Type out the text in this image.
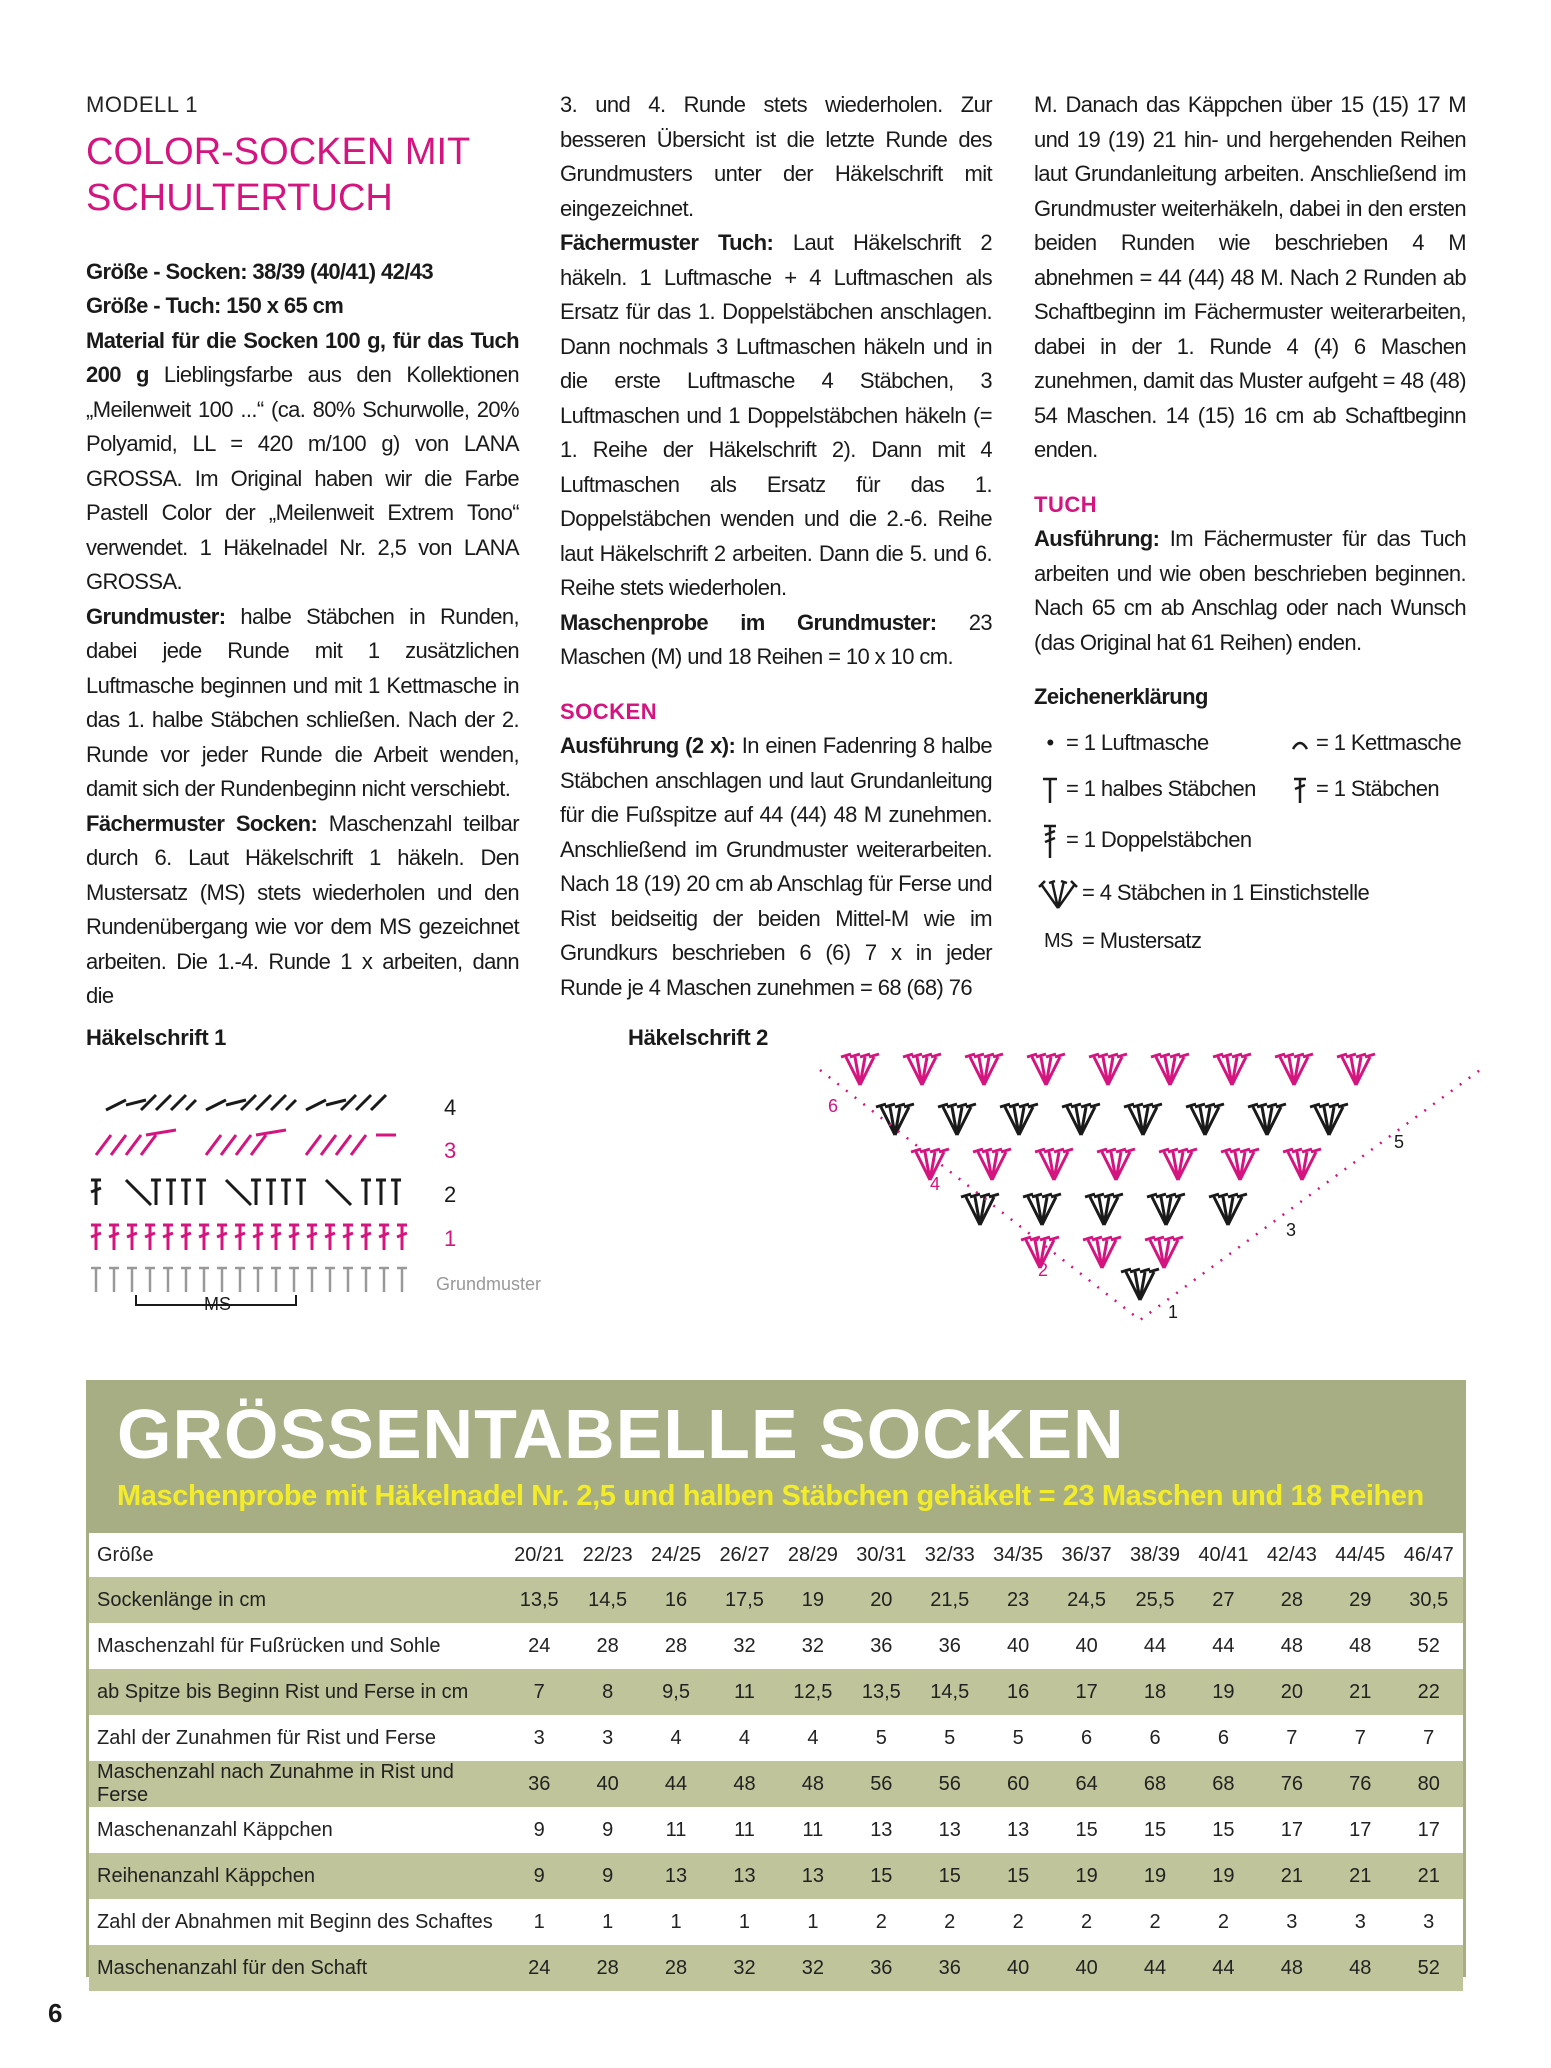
MODELL 1
COLOR-SOCKEN MIT
SCHULTERTUCH

Größe - Socken: 38/39 (40/41) 42/43

Größe - Tuch: 150 x 65 cm

Material für die Socken 100 g, für das Tuch 200 g Lieblingsfarbe aus den Kollektionen „Meilenweit 100 ...“ (ca. 80% Schurwolle, 20% Polyamid, LL = 420 m/100 g) von LANA GROSSA. Im Original haben wir die Farbe Pastell Color der „Meilenweit Extrem Tono“ verwendet. 1 Häkelnadel Nr. 2,5 von LANA GROSSA.

Grundmuster: halbe Stäbchen in Runden, dabei jede Runde mit 1 zusätzlichen Luftmasche beginnen und mit 1 Kettmasche in das 1. halbe Stäbchen schließen. Nach der 2. Runde vor jeder Runde die Arbeit wenden, damit sich der Rundenbeginn nicht verschiebt.

Fächermuster Socken: Maschenzahl teilbar durch 6. Laut Häkelschrift 1 häkeln. Den Mustersatz (MS) stets wiederholen und den Rundenübergang wie vor dem MS gezeichnet arbeiten. Die 1.-4. Runde 1 x arbeiten, dann die

3. und 4. Runde stets wiederholen. Zur besseren Übersicht ist die letzte Runde des Grundmusters unter der Häkelschrift mit eingezeichnet.

Fächermuster Tuch: Laut Häkelschrift 2 häkeln. 1 Luftmasche + 4 Luftmaschen als Ersatz für das 1. Doppelstäbchen anschlagen. Dann nochmals 3 Luftmaschen häkeln und in die erste Luftmasche 4 Stäbchen, 3 Luftmaschen und 1 Doppelstäbchen häkeln (= 1. Reihe der Häkelschrift 2). Dann mit 4 Luftmaschen als Ersatz für das 1. Doppelstäbchen wenden und die 2.-6. Reihe laut Häkelschrift 2 arbeiten. Dann die 5. und 6. Reihe stets wiederholen.

Maschenprobe im Grundmuster: 23 Maschen (M) und 18 Reihen = 10 x 10 cm.

SOCKEN

Ausführung (2 x): In einen Fadenring 8 halbe Stäbchen anschlagen und laut Grundanleitung für die Fußspitze auf 44 (44) 48 M zunehmen. Anschließend im Grundmuster weiterarbeiten. Nach 18 (19) 20 cm ab Anschlag für Ferse und Rist beidseitig der beiden Mittel-M wie im Grundkurs beschrieben 6 (6) 7 x in jeder Runde je 4 Maschen zunehmen = 68 (68) 76

M. Danach das Käppchen über 15 (15) 17 M und 19 (19) 21 hin- und hergehenden Reihen laut Grundanleitung arbeiten. Anschließend im Grundmuster weiterhäkeln, dabei in den ersten beiden Runden wie beschrieben 4 M abnehmen = 44 (44) 48 M. Nach 2 Runden ab Schaftbeginn im Fächermuster weiterarbeiten, dabei in der 1. Runde 4 (4) 6 Maschen zunehmen, damit das Muster aufgeht = 48 (48) 54 Maschen. 14 (15) 16 cm ab Schaftbeginn enden.

TUCH

Ausführung: Im Fächermuster für das Tuch arbeiten und wie oben beschrieben beginnen. Nach 65 cm ab Anschlag oder nach Wunsch (das Original hat 61 Reihen) enden.

Zeichenerklärung
• = 1 Luftmasche	= 1 Kettmasche
= 1 halbes Stäbchen	= 1 Stäbchen
= 1 Doppelstäbchen
= 4 Stäbchen in 1 Einstichstelle
MS = Mustersatz
Häkelschrift 1	Häkelschrift 2
MS
4
3
2
1
Grundmuster
6
4
2
1
3
5
GRÖSSENTABELLE SOCKEN
Maschenprobe mit Häkelnadel Nr. 2,5 und halben Stäbchen gehäkelt = 23 Maschen und 18 Reihen
Größe	20/21	22/23	24/25	26/27	28/29	30/31	32/33	34/35	36/37	38/39	40/41	42/43	44/45	46/47
Sockenlänge in cm	13,5	14,5	16	17,5	19	20	21,5	23	24,5	25,5	27	28	29	30,5
Maschenzahl für Fußrücken und Sohle	24	28	28	32	32	36	36	40	40	44	44	48	48	52
ab Spitze bis Beginn Rist und Ferse in cm	7	8	9,5	11	12,5	13,5	14,5	16	17	18	19	20	21	22
Zahl der Zunahmen für Rist und Ferse	3	3	4	4	4	5	5	5	6	6	6	7	7	7
Maschenzahl nach Zunahme in Rist und Ferse	36	40	44	48	48	56	56	60	64	68	68	76	76	80
Maschenanzahl Käppchen	9	9	11	11	11	13	13	13	15	15	15	17	17	17
Reihenanzahl Käppchen	9	9	13	13	13	15	15	15	19	19	19	21	21	21
Zahl der Abnahmen mit Beginn des Schaftes	1	1	1	1	1	2	2	2	2	2	2	3	3	3
Maschenanzahl für den Schaft	24	28	28	32	32	36	36	40	40	44	44	48	48	52
6
